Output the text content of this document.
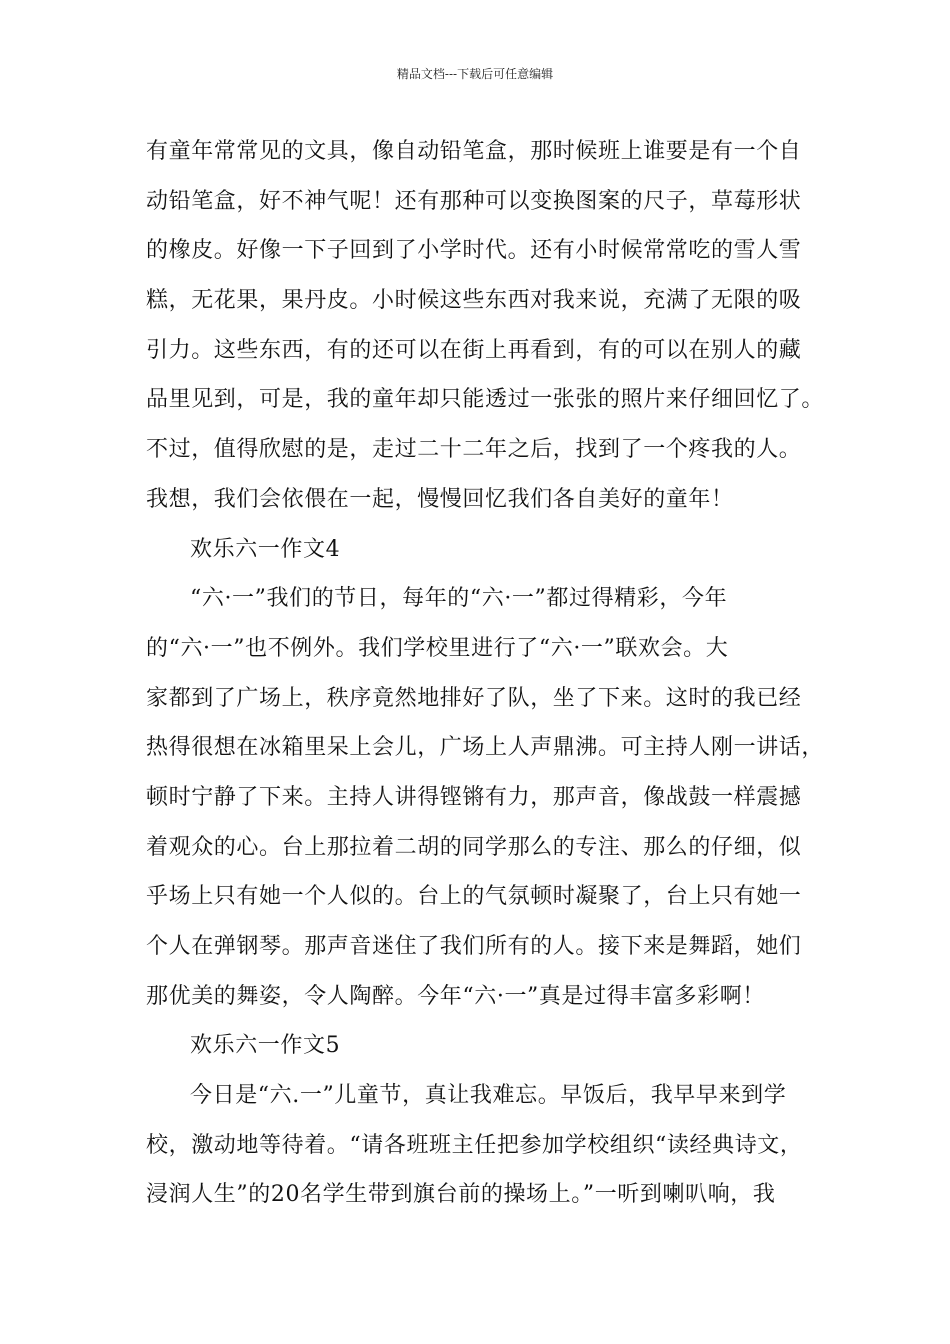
精品文档---下载后可任意编辑
有童年常常见的文具，像自动铅笔盒，那时候班上谁要是有一个自
动铅笔盒，好不神气呢！还有那种可以变换图案的尺子，草莓形状
的橡皮。好像一下子回到了小学时代。还有小时候常常吃的雪人雪
糕，无花果，果丹皮。小时候这些东西对我来说，充满了无限的吸
引力。这些东西，有的还可以在街上再看到，有的可以在别人的藏
品里见到，可是，我的童年却只能透过一张张的照片来仔细回忆了。
不过，值得欣慰的是，走过二十二年之后，找到了一个疼我的人。
我想，我们会依偎在一起，慢慢回忆我们各自美好的童年！
欢乐六一作文4
“六·一”我们的节日，每年的“六·一”都过得精彩，今年
的“六·一”也不例外。我们学校里进行了“六·一”联欢会。大
家都到了广场上，秩序竟然地排好了队，坐了下来。这时的我已经
热得很想在冰箱里呆上会儿，广场上人声鼎沸。可主持人刚一讲话，
顿时宁静了下来。主持人讲得铿锵有力，那声音，像战鼓一样震撼
着观众的心。台上那拉着二胡的同学那么的专注、那么的仔细，似
乎场上只有她一个人似的。台上的气氛顿时凝聚了，台上只有她一
个人在弹钢琴。那声音迷住了我们所有的人。接下来是舞蹈，她们
那优美的舞姿，令人陶醉。今年“六·一”真是过得丰富多彩啊！
欢乐六一作文5
今日是“六.一”儿童节，真让我难忘。早饭后，我早早来到学
校，激动地等待着。“请各班班主任把参加学校组织“读经典诗文，
浸润人生”的20名学生带到旗台前的操场上。”一听到喇叭响，我
